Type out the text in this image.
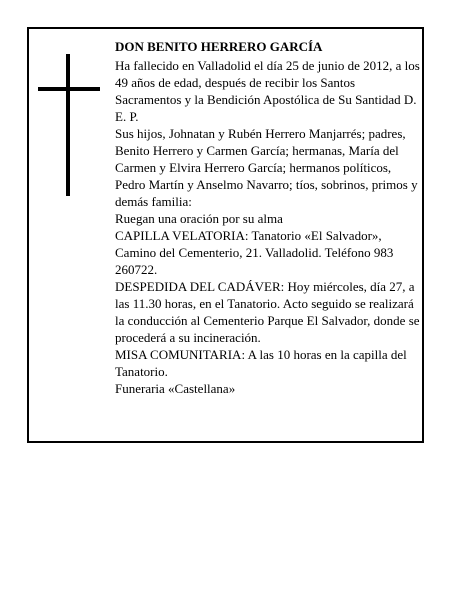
DON BENITO HERRERO GARCÍA

Ha fallecido en Valladolid el día 25 de junio de 2012, a los 49 años de edad, después de recibir los Santos Sacramentos y la Bendición Apostólica de Su Santidad D. E. P.

Sus hijos, Johnatan y Rubén Herrero Manjarrés; padres, Benito Herrero y Carmen García; hermanas, María del Carmen y Elvira Herrero García; hermanos políticos, Pedro Martín y Anselmo Navarro; tíos, sobrinos, primos y demás familia:

Ruegan una oración por su alma

CAPILLA VELATORIA: Tanatorio «El Salvador», Camino del Cementerio, 21. Valladolid. Teléfono 983 260722.

DESPEDIDA DEL CADÁVER: Hoy miércoles, día 27, a las 11.30 horas, en el Tanatorio. Acto seguido se realizará la conducción al Cementerio Parque El Salvador, donde se procederá a su incineración.

MISA COMUNITARIA: A las 10 horas en la capilla del Tanatorio.

Funeraria «Castellana»
